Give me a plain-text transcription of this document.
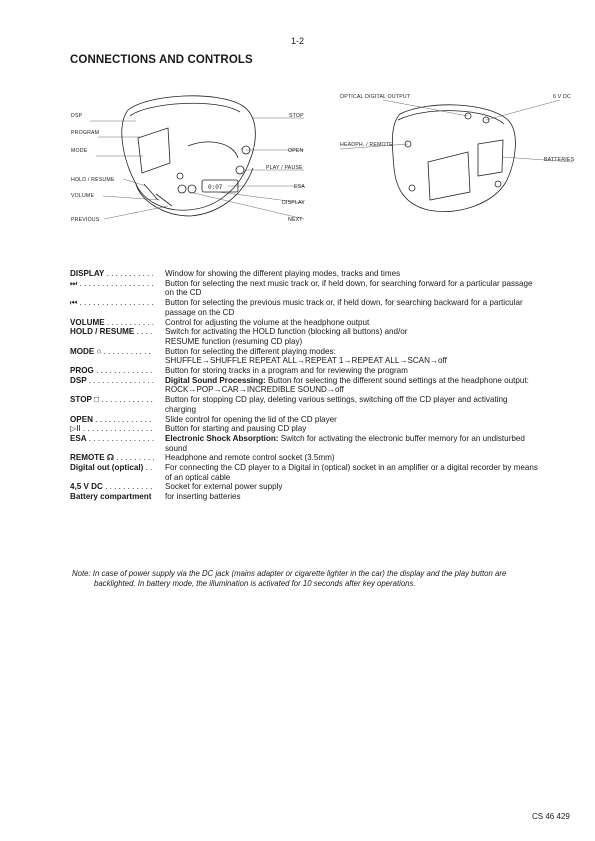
1-2
CONNECTIONS AND CONTROLS
0:07
DSP
PROGRAM
MODE
HOLD / RESUME
VOLUME
PREVIOUS
STOP
OPEN
PLAY / PAUSE
ESA
DISPLAY
NEXT
OPTICAL DIGITAL OUTPUT	6 V DC
HEADPH. / REMOTE
BATTERIES
DISPLAY . . . . . . . . . . .	Window for showing the different playing modes, tracks and times
⏭ . . . . . . . . . . . . . . . . .	Button for selecting the next music track or, if held down, for searching forward for a particular passage
on the CD
⏮ . . . . . . . . . . . . . . . . .	Button for selecting the previous music track or, if held down, for searching backward for a particular
passage on the CD
VOLUME . . . . . . . . . . .	Control for adjusting the volume at the headphone output
HOLD / RESUME . . . .	Switch for activating the HOLD function (blocking all buttons) and/or
RESUME function (resuming CD play)
MODE ○ . . . . . . . . . . .	Button for selecting the different playing modes:
SHUFFLE→SHUFFLE REPEAT ALL→REPEAT 1→REPEAT ALL→SCAN→off
PROG . . . . . . . . . . . . .	Button for storing tracks in a program and for reviewing the program
DSP . . . . . . . . . . . . . . .	Digital Sound Processing: Button for selecting the different sound settings at the headphone output:
ROCK→POP→CAR→INCREDIBLE SOUND→off
STOP □ . . . . . . . . . . . .	Button for stopping CD play, deleting various settings, switching off the CD player and activating
charging
OPEN . . . . . . . . . . . . .	Slide control for opening the lid of the CD player
▷II . . . . . . . . . . . . . . . .	Button for starting and pausing CD play
ESA . . . . . . . . . . . . . . .	Electronic Shock Absorption: Switch for activating the electronic buffer memory for an undisturbed
sound
REMOTE ☊ . . . . . . . . .	Headphone and remote control socket (3.5mm)
Digital out (optical) . .	For connecting the CD player to a Digital in (optical) socket in an amplifier or a digital recorder by means
of an optical cable
4,5 V DC . . . . . . . . . . .	Socket for external power supply
Battery compartment	for inserting batteries
Note: In case of power supply via the DC jack (mains adapter or cigarette lighter in the car) the display and the play button are
backlighted. In battery mode, the illumination is activated for 10 seconds after key operations.
CS 46 429
